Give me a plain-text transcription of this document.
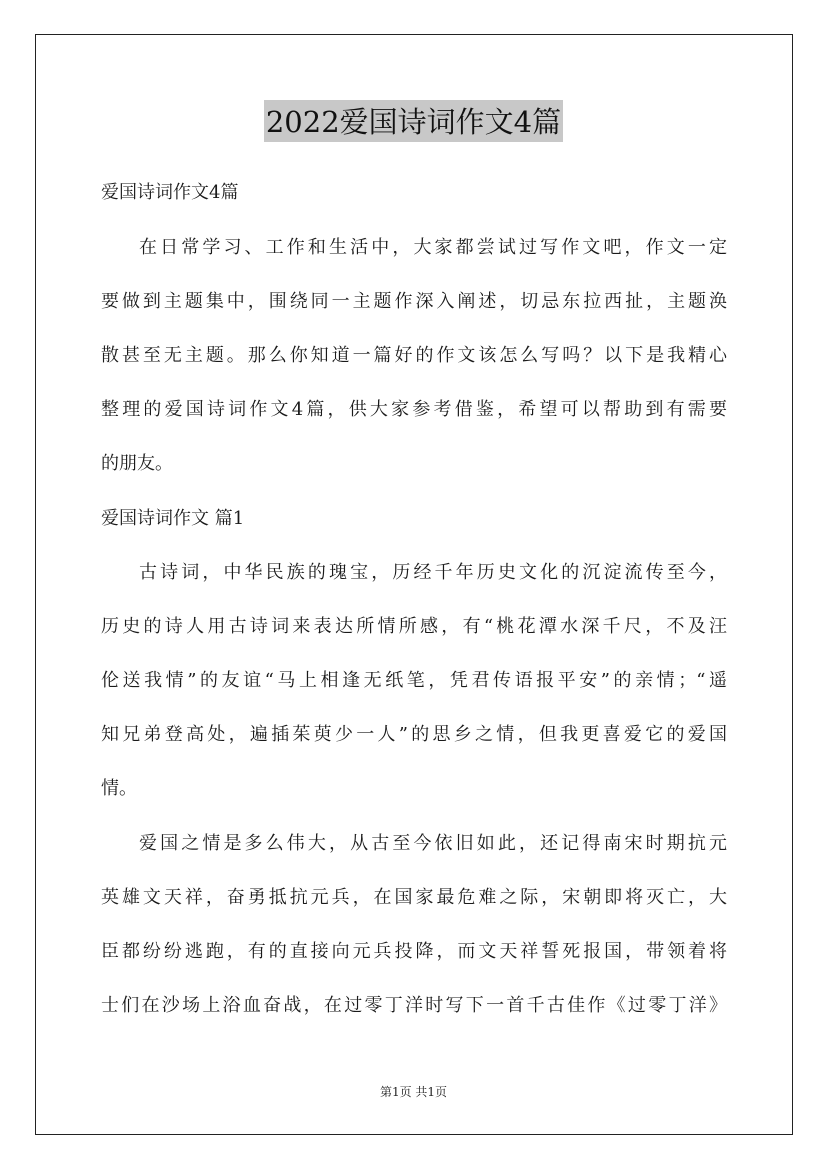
2022爱国诗词作文4篇
爱国诗词作文4篇
在日常学习、工作和生活中，大家都尝试过写作文吧，作文一定
要做到主题集中，围绕同一主题作深入阐述，切忌东拉西扯，主题涣
散甚至无主题。那么你知道一篇好的作文该怎么写吗？以下是我精心
整理的爱国诗词作文4篇，供大家参考借鉴，希望可以帮助到有需要
的朋友。
爱国诗词作文 篇1
古诗词，中华民族的瑰宝，历经千年历史文化的沉淀流传至今，
历史的诗人用古诗词来表达所情所感，有“桃花潭水深千尺，不及汪
伦送我情”的友谊“马上相逢无纸笔，凭君传语报平安”的亲情；“遥
知兄弟登高处，遍插茱萸少一人”的思乡之情，但我更喜爱它的爱国
情。
爱国之情是多么伟大，从古至今依旧如此，还记得南宋时期抗元
英雄文天祥，奋勇抵抗元兵，在国家最危难之际，宋朝即将灭亡，大
臣都纷纷逃跑，有的直接向元兵投降，而文天祥誓死报国，带领着将
士们在沙场上浴血奋战，在过零丁洋时写下一首千古佳作《过零丁洋》
第1页 共1页
